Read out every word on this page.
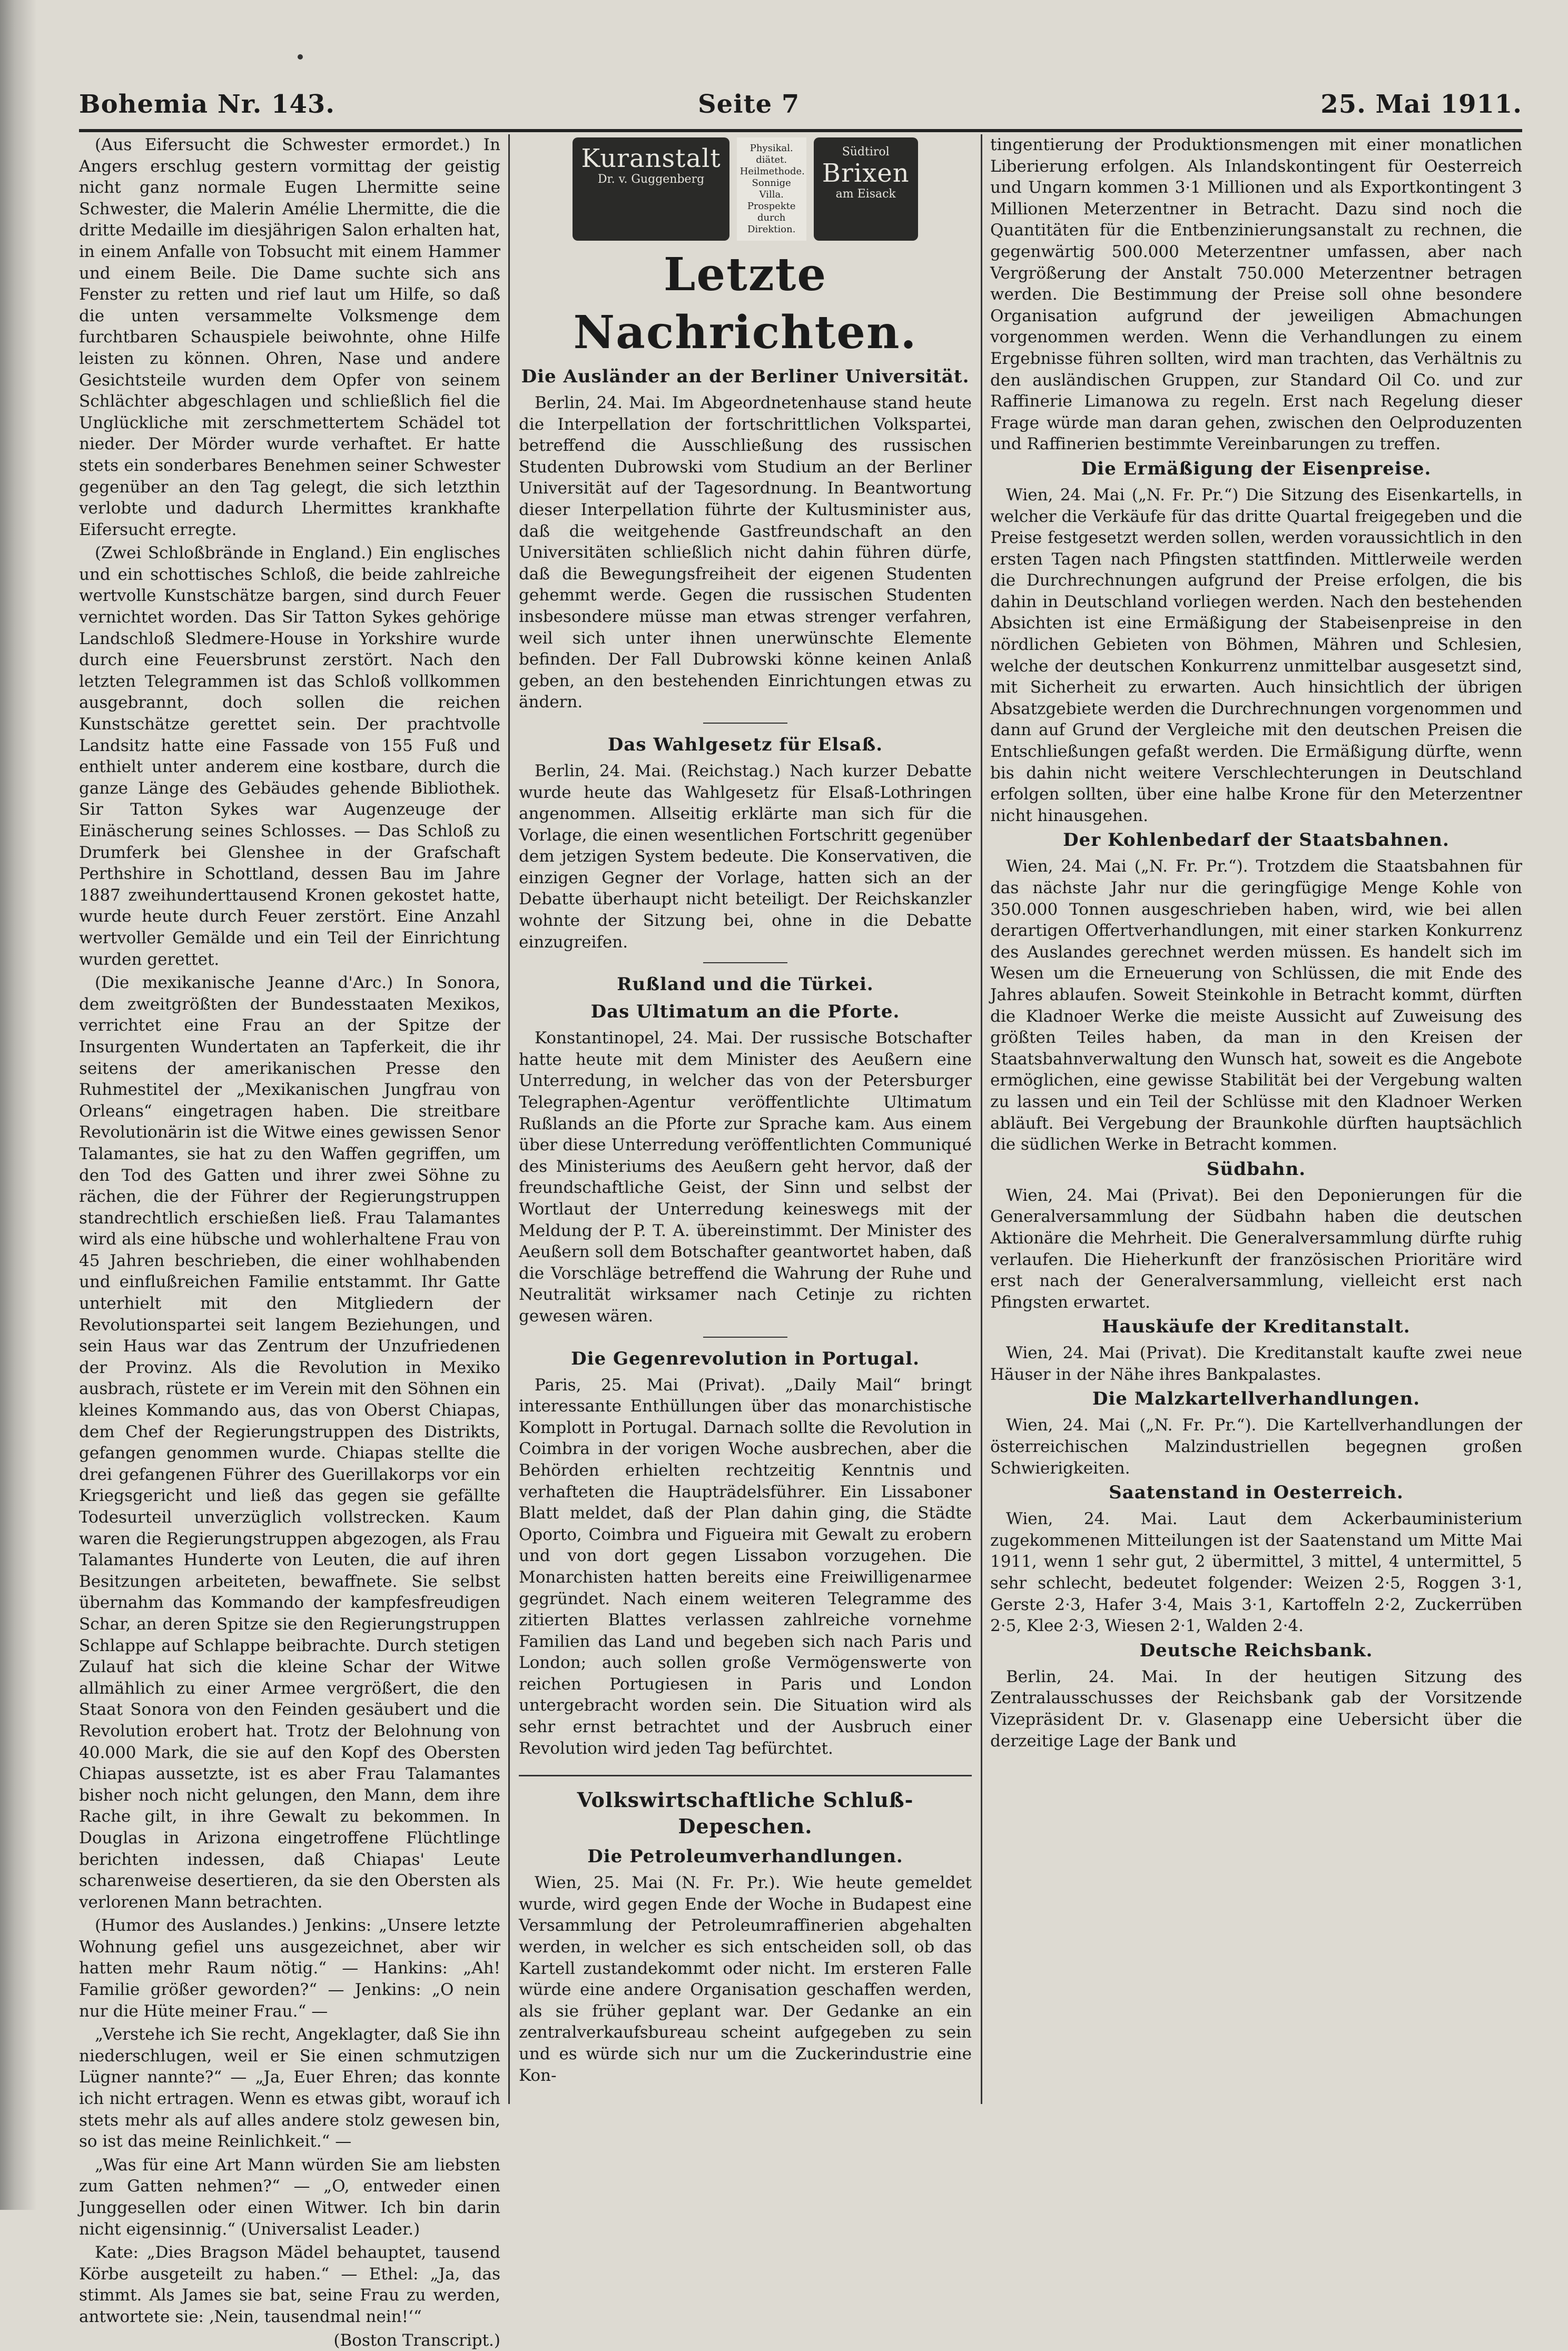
Bohemia Nr. 143.	Seite 7	25. Mai 1911.

(Aus Eifersucht die Schwester ermordet.) In Angers erschlug gestern vormittag der geistig nicht ganz normale Eugen Lhermitte seine Schwester, die Malerin Amélie Lhermitte, die die dritte Medaille im diesjährigen Salon erhalten hat, in einem Anfalle von Tobsucht mit einem Hammer und einem Beile. Die Dame suchte sich ans Fenster zu retten und rief laut um Hilfe, so daß die unten versammelte Volksmenge dem furchtbaren Schauspiele beiwohnte, ohne Hilfe leisten zu können. Ohren, Nase und andere Gesichtsteile wurden dem Opfer von seinem Schlächter abgeschlagen und schließlich fiel die Unglückliche mit zerschmettertem Schädel tot nieder. Der Mörder wurde verhaftet. Er hatte stets ein sonderbares Benehmen seiner Schwester gegenüber an den Tag gelegt, die sich letzthin verlobte und dadurch Lhermittes krankhafte Eifersucht erregte.

(Zwei Schloßbrände in England.) Ein englisches und ein schottisches Schloß, die beide zahlreiche wertvolle Kunstschätze bargen, sind durch Feuer vernichtet worden. Das Sir Tatton Sykes gehörige Landschloß Sledmere-House in Yorkshire wurde durch eine Feuersbrunst zerstört. Nach den letzten Telegrammen ist das Schloß vollkommen ausgebrannt, doch sollen die reichen Kunstschätze gerettet sein. Der prachtvolle Landsitz hatte eine Fassade von 155 Fuß und enthielt unter anderem eine kostbare, durch die ganze Länge des Gebäudes gehende Bibliothek. Sir Tatton Sykes war Augenzeuge der Einäscherung seines Schlosses. — Das Schloß zu Drumferk bei Glenshee in der Grafschaft Perthshire in Schottland, dessen Bau im Jahre 1887 zweihunderttausend Kronen gekostet hatte, wurde heute durch Feuer zerstört. Eine Anzahl wertvoller Gemälde und ein Teil der Einrichtung wurden gerettet.

(Die mexikanische Jeanne d'Arc.) In Sonora, dem zweitgrößten der Bundesstaaten Mexikos, verrichtet eine Frau an der Spitze der Insurgenten Wundertaten an Tapferkeit, die ihr seitens der amerikanischen Presse den Ruhmestitel der „Mexikanischen Jungfrau von Orleans“ eingetragen haben. Die streitbare Revolutionärin ist die Witwe eines gewissen Senor Talamantes, sie hat zu den Waffen gegriffen, um den Tod des Gatten und ihrer zwei Söhne zu rächen, die der Führer der Regierungstruppen standrechtlich erschießen ließ. Frau Talamantes wird als eine hübsche und wohlerhaltene Frau von 45 Jahren beschrieben, die einer wohlhabenden und einflußreichen Familie entstammt. Ihr Gatte unterhielt mit den Mitgliedern der Revolutionspartei seit langem Beziehungen, und sein Haus war das Zentrum der Unzufriedenen der Provinz. Als die Revolution in Mexiko ausbrach, rüstete er im Verein mit den Söhnen ein kleines Kommando aus, das von Oberst Chiapas, dem Chef der Regierungstruppen des Distrikts, gefangen genommen wurde. Chiapas stellte die drei gefangenen Führer des Guerillakorps vor ein Kriegsgericht und ließ das gegen sie gefällte Todesurteil unverzüglich vollstrecken. Kaum waren die Regierungstruppen abgezogen, als Frau Talamantes Hunderte von Leuten, die auf ihren Besitzungen arbeiteten, bewaffnete. Sie selbst übernahm das Kommando der kampfesfreudigen Schar, an deren Spitze sie den Regierungstruppen Schlappe auf Schlappe beibrachte. Durch stetigen Zulauf hat sich die kleine Schar der Witwe allmählich zu einer Armee vergrößert, die den Staat Sonora von den Feinden gesäubert und die Revolution erobert hat. Trotz der Belohnung von 40.000 Mark, die sie auf den Kopf des Obersten Chiapas aussetzte, ist es aber Frau Talamantes bisher noch nicht gelungen, den Mann, dem ihre Rache gilt, in ihre Gewalt zu bekommen. In Douglas in Arizona eingetroffene Flüchtlinge berichten indessen, daß Chiapas' Leute scharenweise desertieren, da sie den Obersten als verlorenen Mann betrachten.

(Humor des Auslandes.) Jenkins: „Unsere letzte Wohnung gefiel uns ausgezeichnet, aber wir hatten mehr Raum nötig.“ — Hankins: „Ah! Familie größer geworden?“ — Jenkins: „O nein nur die Hüte meiner Frau.“ —

„Verstehe ich Sie recht, Angeklagter, daß Sie ihn niederschlugen, weil er Sie einen schmutzigen Lügner nannte?“ — „Ja, Euer Ehren; das konnte ich nicht ertragen. Wenn es etwas gibt, worauf ich stets mehr als auf alles andere stolz gewesen bin, so ist das meine Reinlichkeit.“ —

„Was für eine Art Mann würden Sie am liebsten zum Gatten nehmen?“ — „O, entweder einen Junggesellen oder einen Witwer. Ich bin darin nicht eigensinnig.“ (Universalist Leader.)

Kate: „Dies Bragson Mädel behauptet, tausend Körbe ausgeteilt zu haben.“ — Ethel: „Ja, das stimmt. Als James sie bat, seine Frau zu werden, antwortete sie: ‚Nein, tausendmal nein!‘“

(Boston Transcript.)

Kuranstalt
Dr. v. Guggenberg
Physikal. diätet. Heilmethode. Sonnige Villa. Prospekte durch Direktion.
Südtirol
Brixen
am Eisack
Letzte Nachrichten.
Die Ausländer an der Berliner Universität.

Berlin, 24. Mai. Im Abgeordnetenhause stand heute die Interpellation der fortschrittlichen Volkspartei, betreffend die Ausschließung des russischen Studenten Dubrowski vom Studium an der Berliner Universität auf der Tagesordnung. In Beantwortung dieser Interpellation führte der Kultusminister aus, daß die weitgehende Gastfreundschaft an den Universitäten schließlich nicht dahin führen dürfe, daß die Bewegungsfreiheit der eigenen Studenten gehemmt werde. Gegen die russischen Studenten insbesondere müsse man etwas strenger verfahren, weil sich unter ihnen unerwünschte Elemente befinden. Der Fall Dubrowski könne keinen Anlaß geben, an den bestehenden Einrichtungen etwas zu ändern.

Das Wahlgesetz für Elsaß.

Berlin, 24. Mai. (Reichstag.) Nach kurzer Debatte wurde heute das Wahlgesetz für Elsaß-Lothringen angenommen. Allseitig erklärte man sich für die Vorlage, die einen wesentlichen Fortschritt gegenüber dem jetzigen System bedeute. Die Konservativen, die einzigen Gegner der Vorlage, hatten sich an der Debatte überhaupt nicht beteiligt. Der Reichskanzler wohnte der Sitzung bei, ohne in die Debatte einzugreifen.

Rußland und die Türkei.
Das Ultimatum an die Pforte.

Konstantinopel, 24. Mai. Der russische Botschafter hatte heute mit dem Minister des Aeußern eine Unterredung, in welcher das von der Petersburger Telegraphen-Agentur veröffentlichte Ultimatum Rußlands an die Pforte zur Sprache kam. Aus einem über diese Unterredung veröffentlichten Communiqué des Ministeriums des Aeußern geht hervor, daß der freundschaftliche Geist, der Sinn und selbst der Wortlaut der Unterredung keineswegs mit der Meldung der P. T. A. übereinstimmt. Der Minister des Aeußern soll dem Botschafter geantwortet haben, daß die Vorschläge betreffend die Wahrung der Ruhe und Neutralität wirksamer nach Cetinje zu richten gewesen wären.

Die Gegenrevolution in Portugal.

Paris, 25. Mai (Privat). „Daily Mail“ bringt interessante Enthüllungen über das monarchistische Komplott in Portugal. Darnach sollte die Revolution in Coimbra in der vorigen Woche ausbrechen, aber die Behörden erhielten rechtzeitig Kenntnis und verhafteten die Haupträdelsführer. Ein Lissaboner Blatt meldet, daß der Plan dahin ging, die Städte Oporto, Coimbra und Figueira mit Gewalt zu erobern und von dort gegen Lissabon vorzugehen. Die Monarchisten hatten bereits eine Freiwilligenarmee gegründet. Nach einem weiteren Telegramme des zitierten Blattes verlassen zahlreiche vornehme Familien das Land und begeben sich nach Paris und London; auch sollen große Vermögenswerte von reichen Portugiesen in Paris und London untergebracht worden sein. Die Situation wird als sehr ernst betrachtet und der Ausbruch einer Revolution wird jeden Tag befürchtet.

Volkswirtschaftliche Schluß-Depeschen.
Die Petroleumverhandlungen.

Wien, 25. Mai (N. Fr. Pr.). Wie heute gemeldet wurde, wird gegen Ende der Woche in Budapest eine Versammlung der Petroleumraffinerien abgehalten werden, in welcher es sich entscheiden soll, ob das Kartell zustandekommt oder nicht. Im ersteren Falle würde eine andere Organisation geschaffen werden, als sie früher geplant war. Der Gedanke an ein zentralverkaufsbureau scheint aufgegeben zu sein und es würde sich nur um die Zuckerindustrie eine Kon-

tingentierung der Produktionsmengen mit einer monatlichen Liberierung erfolgen. Als Inlandskontingent für Oesterreich und Ungarn kommen 3·1 Millionen und als Exportkontingent 3 Millionen Meterzentner in Betracht. Dazu sind noch die Quantitäten für die Entbenzinierungsanstalt zu rechnen, die gegenwärtig 500.000 Meterzentner umfassen, aber nach Vergrößerung der Anstalt 750.000 Meterzentner betragen werden. Die Bestimmung der Preise soll ohne besondere Organisation aufgrund der jeweiligen Abmachungen vorgenommen werden. Wenn die Verhandlungen zu einem Ergebnisse führen sollten, wird man trachten, das Verhältnis zu den ausländischen Gruppen, zur Standard Oil Co. und zur Raffinerie Limanowa zu regeln. Erst nach Regelung dieser Frage würde man daran gehen, zwischen den Oelproduzenten und Raffinerien bestimmte Vereinbarungen zu treffen.

Die Ermäßigung der Eisenpreise.

Wien, 24. Mai („N. Fr. Pr.“) Die Sitzung des Eisenkartells, in welcher die Verkäufe für das dritte Quartal freigegeben und die Preise festgesetzt werden sollen, werden voraussichtlich in den ersten Tagen nach Pfingsten stattfinden. Mittlerweile werden die Durchrechnungen aufgrund der Preise erfolgen, die bis dahin in Deutschland vorliegen werden. Nach den bestehenden Absichten ist eine Ermäßigung der Stabeisenpreise in den nördlichen Gebieten von Böhmen, Mähren und Schlesien, welche der deutschen Konkurrenz unmittelbar ausgesetzt sind, mit Sicherheit zu erwarten. Auch hinsichtlich der übrigen Absatzgebiete werden die Durchrechnungen vorgenommen und dann auf Grund der Vergleiche mit den deutschen Preisen die Entschließungen gefaßt werden. Die Ermäßigung dürfte, wenn bis dahin nicht weitere Verschlechterungen in Deutschland erfolgen sollten, über eine halbe Krone für den Meterzentner nicht hinausgehen.

Der Kohlenbedarf der Staatsbahnen.

Wien, 24. Mai („N. Fr. Pr.“). Trotzdem die Staatsbahnen für das nächste Jahr nur die geringfügige Menge Kohle von 350.000 Tonnen ausgeschrieben haben, wird, wie bei allen derartigen Offertverhandlungen, mit einer starken Konkurrenz des Auslandes gerechnet werden müssen. Es handelt sich im Wesen um die Erneuerung von Schlüssen, die mit Ende des Jahres ablaufen. Soweit Steinkohle in Betracht kommt, dürften die Kladnoer Werke die meiste Aussicht auf Zuweisung des größten Teiles haben, da man in den Kreisen der Staatsbahnverwaltung den Wunsch hat, soweit es die Angebote ermöglichen, eine gewisse Stabilität bei der Vergebung walten zu lassen und ein Teil der Schlüsse mit den Kladnoer Werken abläuft. Bei Vergebung der Braunkohle dürften hauptsächlich die südlichen Werke in Betracht kommen.

Südbahn.

Wien, 24. Mai (Privat). Bei den Deponierungen für die Generalversammlung der Südbahn haben die deutschen Aktionäre die Mehrheit. Die Generalversammlung dürfte ruhig verlaufen. Die Hieherkunft der französischen Prioritäre wird erst nach der Generalversammlung, vielleicht erst nach Pfingsten erwartet.

Hauskäufe der Kreditanstalt.

Wien, 24. Mai (Privat). Die Kreditanstalt kaufte zwei neue Häuser in der Nähe ihres Bankpalastes.

Die Malzkartellverhandlungen.

Wien, 24. Mai („N. Fr. Pr.“). Die Kartellverhandlungen der österreichischen Malzindustriellen begegnen großen Schwierigkeiten.

Saatenstand in Oesterreich.

Wien, 24. Mai. Laut dem Ackerbauministerium zugekommenen Mitteilungen ist der Saatenstand um Mitte Mai 1911, wenn 1 sehr gut, 2 übermittel, 3 mittel, 4 untermittel, 5 sehr schlecht, bedeutet folgender: Weizen 2·5, Roggen 3·1, Gerste 2·3, Hafer 3·4, Mais 3·1, Kartoffeln 2·2, Zuckerrüben 2·5, Klee 2·3, Wiesen 2·1, Walden 2·4.

Deutsche Reichsbank.

Berlin, 24. Mai. In der heutigen Sitzung des Zentralausschusses der Reichsbank gab der Vorsitzende Vizepräsident Dr. v. Glasenapp eine Uebersicht über die derzeitige Lage der Bank und
